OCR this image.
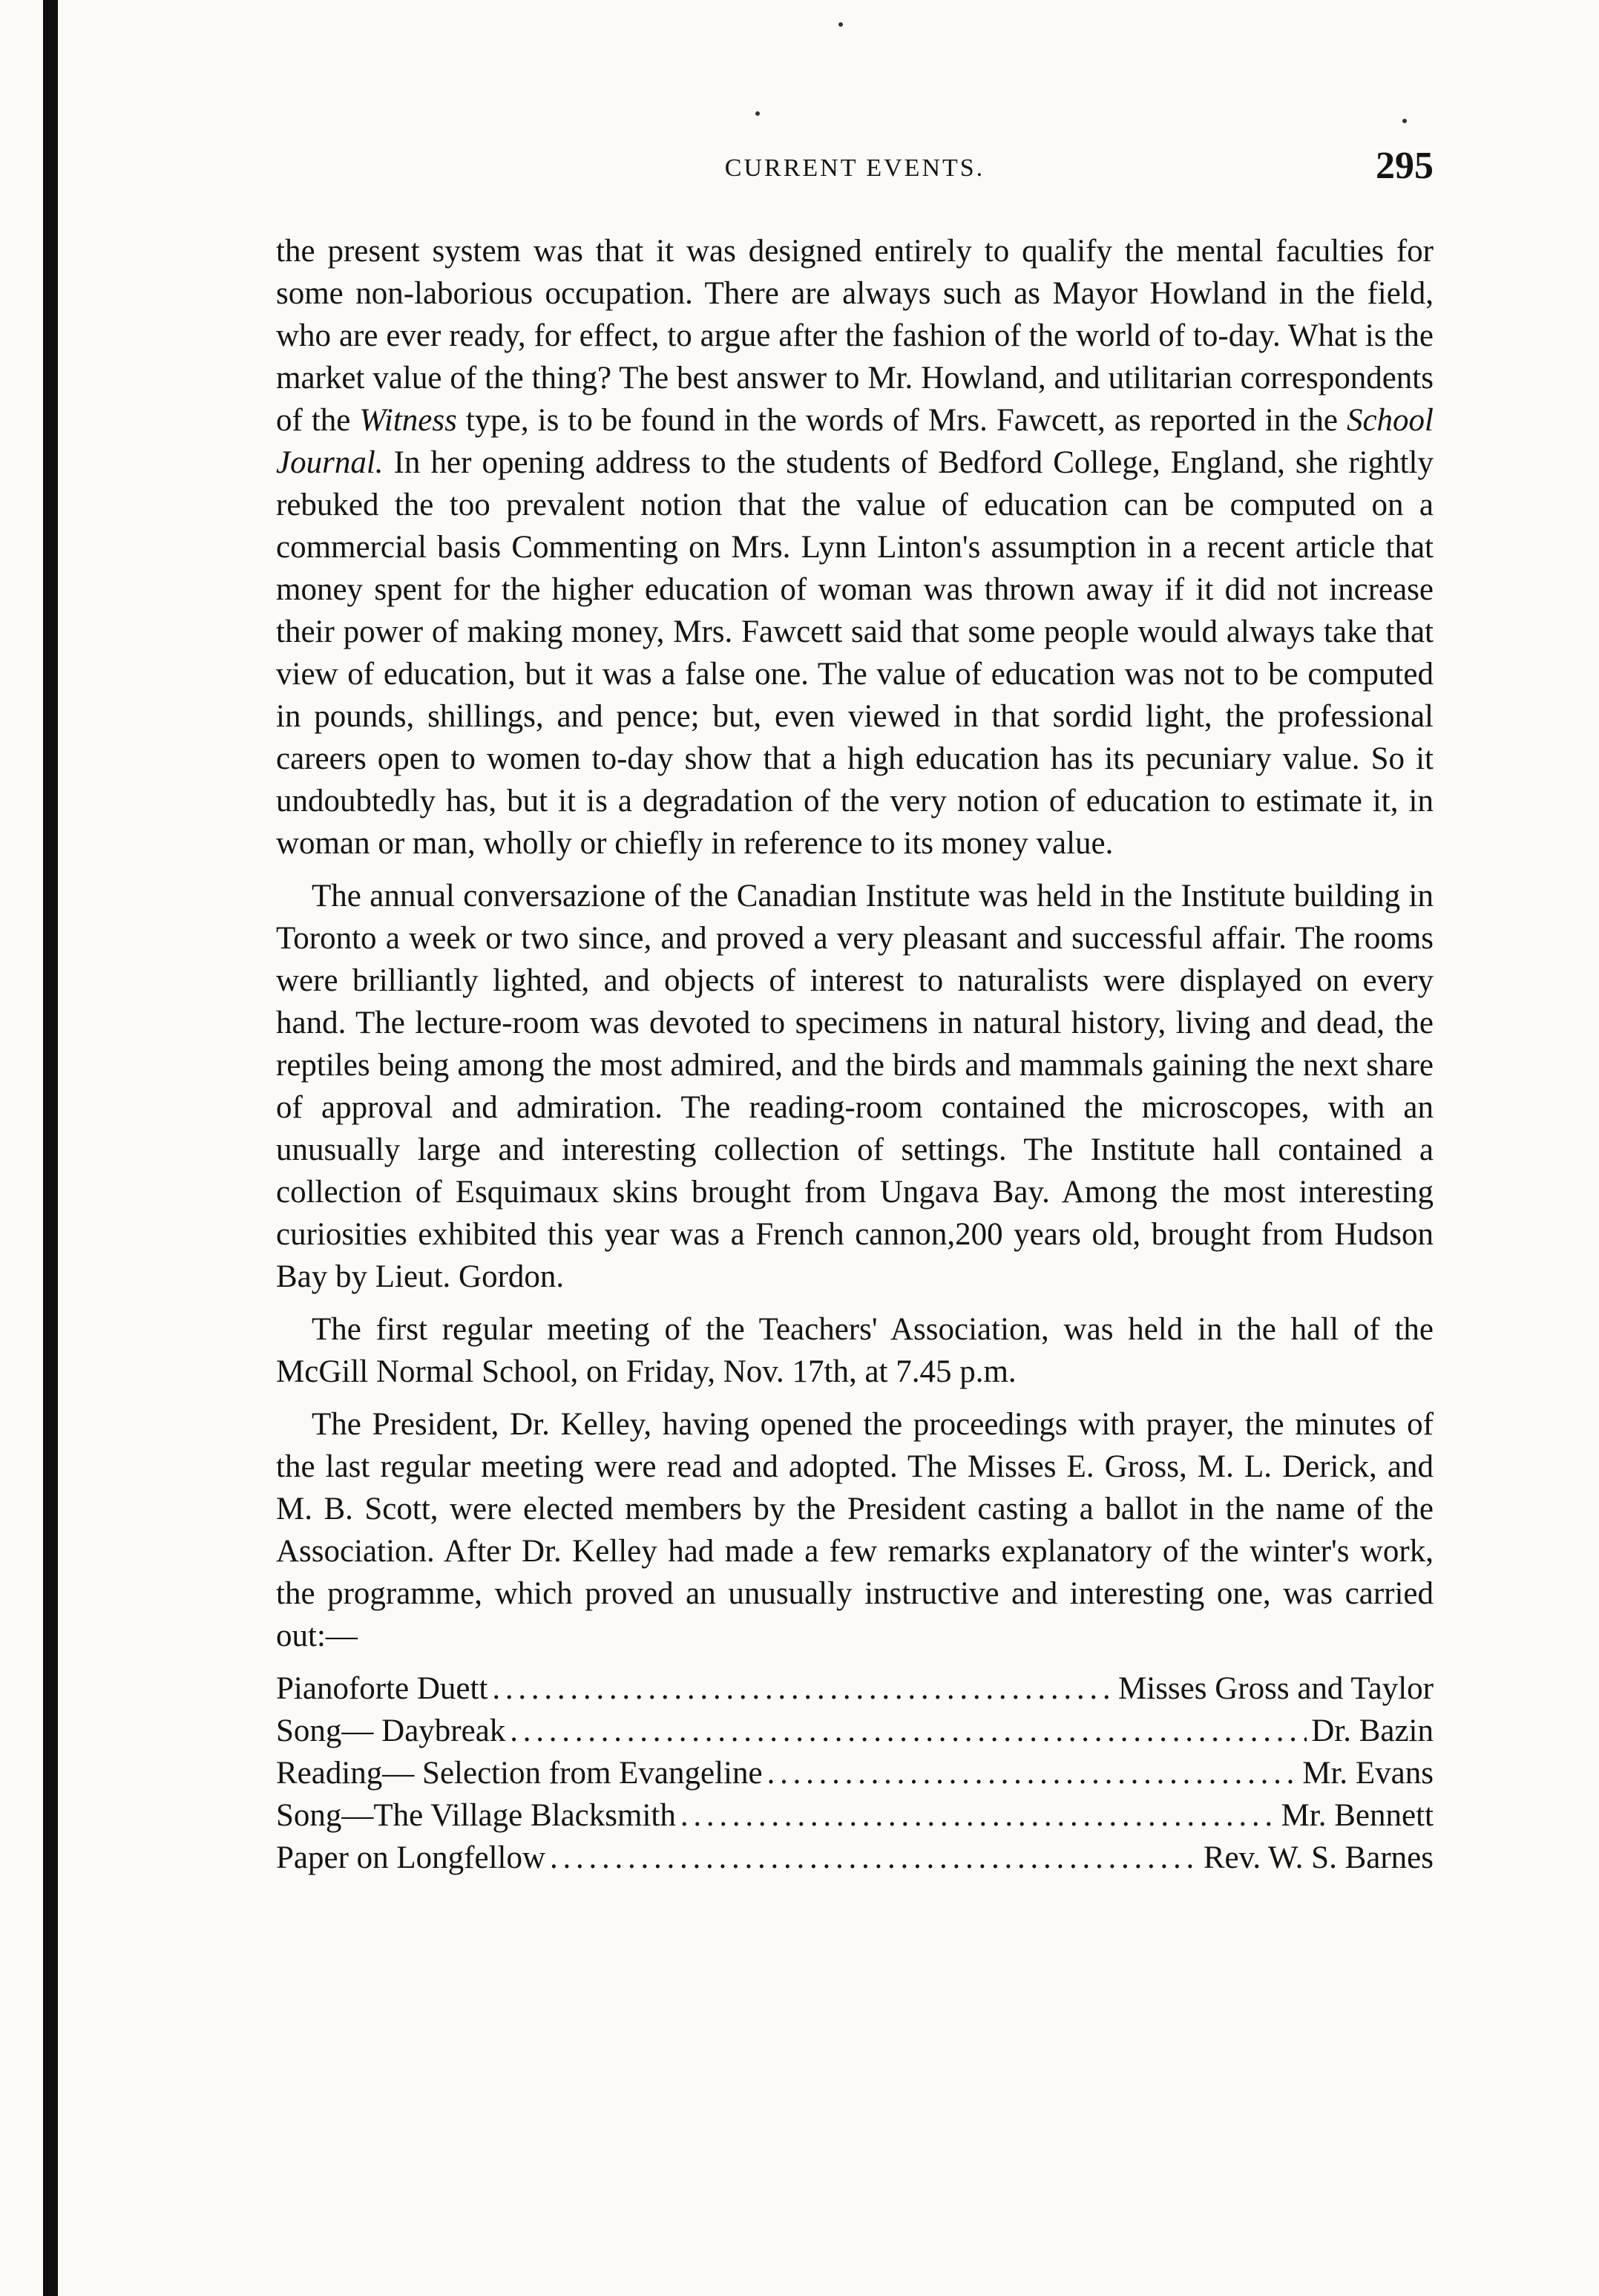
CURRENT EVENTS.	295

the present system was that it was designed entirely to qualify the mental faculties for some non-laborious occupation. There are always such as Mayor Howland in the field, who are ever ready, for effect, to argue after the fashion of the world of to-day. What is the market value of the thing? The best answer to Mr. Howland, and utilitarian correspondents of the Witness type, is to be found in the words of Mrs. Fawcett, as reported in the School Journal. In her opening address to the students of Bedford College, England, she rightly rebuked the too prevalent notion that the value of education can be computed on a commercial basis Commenting on Mrs. Lynn Linton's assumption in a recent article that money spent for the higher education of woman was thrown away if it did not increase their power of making money, Mrs. Fawcett said that some people would always take that view of education, but it was a false one. The value of education was not to be computed in pounds, shillings, and pence; but, even viewed in that sordid light, the professional careers open to women to-day show that a high education has its pecuniary value. So it undoubtedly has, but it is a degradation of the very notion of education to estimate it, in woman or man, wholly or chiefly in reference to its money value.

The annual conversazione of the Canadian Institute was held in the Institute building in Toronto a week or two since, and proved a very pleasant and successful affair. The rooms were brilliantly lighted, and objects of interest to naturalists were displayed on every hand. The lecture-room was devoted to specimens in natural history, living and dead, the reptiles being among the most admired, and the birds and mammals gaining the next share of approval and admiration. The reading-room contained the microscopes, with an unusually large and interesting collection of settings. The Institute hall contained a collection of Esquimaux skins brought from Ungava Bay. Among the most interesting curiosities exhibited this year was a French cannon,200 years old, brought from Hudson Bay by Lieut. Gordon.

The first regular meeting of the Teachers' Association, was held in the hall of the McGill Normal School, on Friday, Nov. 17th, at 7.45 p.m.

The President, Dr. Kelley, having opened the proceedings with prayer, the minutes of the last regular meeting were read and adopted. The Misses E. Gross, M. L. Derick, and M. B. Scott, were elected members by the President casting a ballot in the name of the Association. After Dr. Kelley had made a few remarks explanatory of the winter's work, the programme, which proved an unusually instructive and interesting one, was carried out:—

Pianoforte Duett . . .	Misses Gross and Taylor
Song— Daybreak . . .	Dr. Bazin
Reading— Selection from Evangeline . . .	Mr. Evans
Song—The Village Blacksmith . . .	Mr. Bennett
Paper on Longfellow . . .	Rev. W. S. Barnes
